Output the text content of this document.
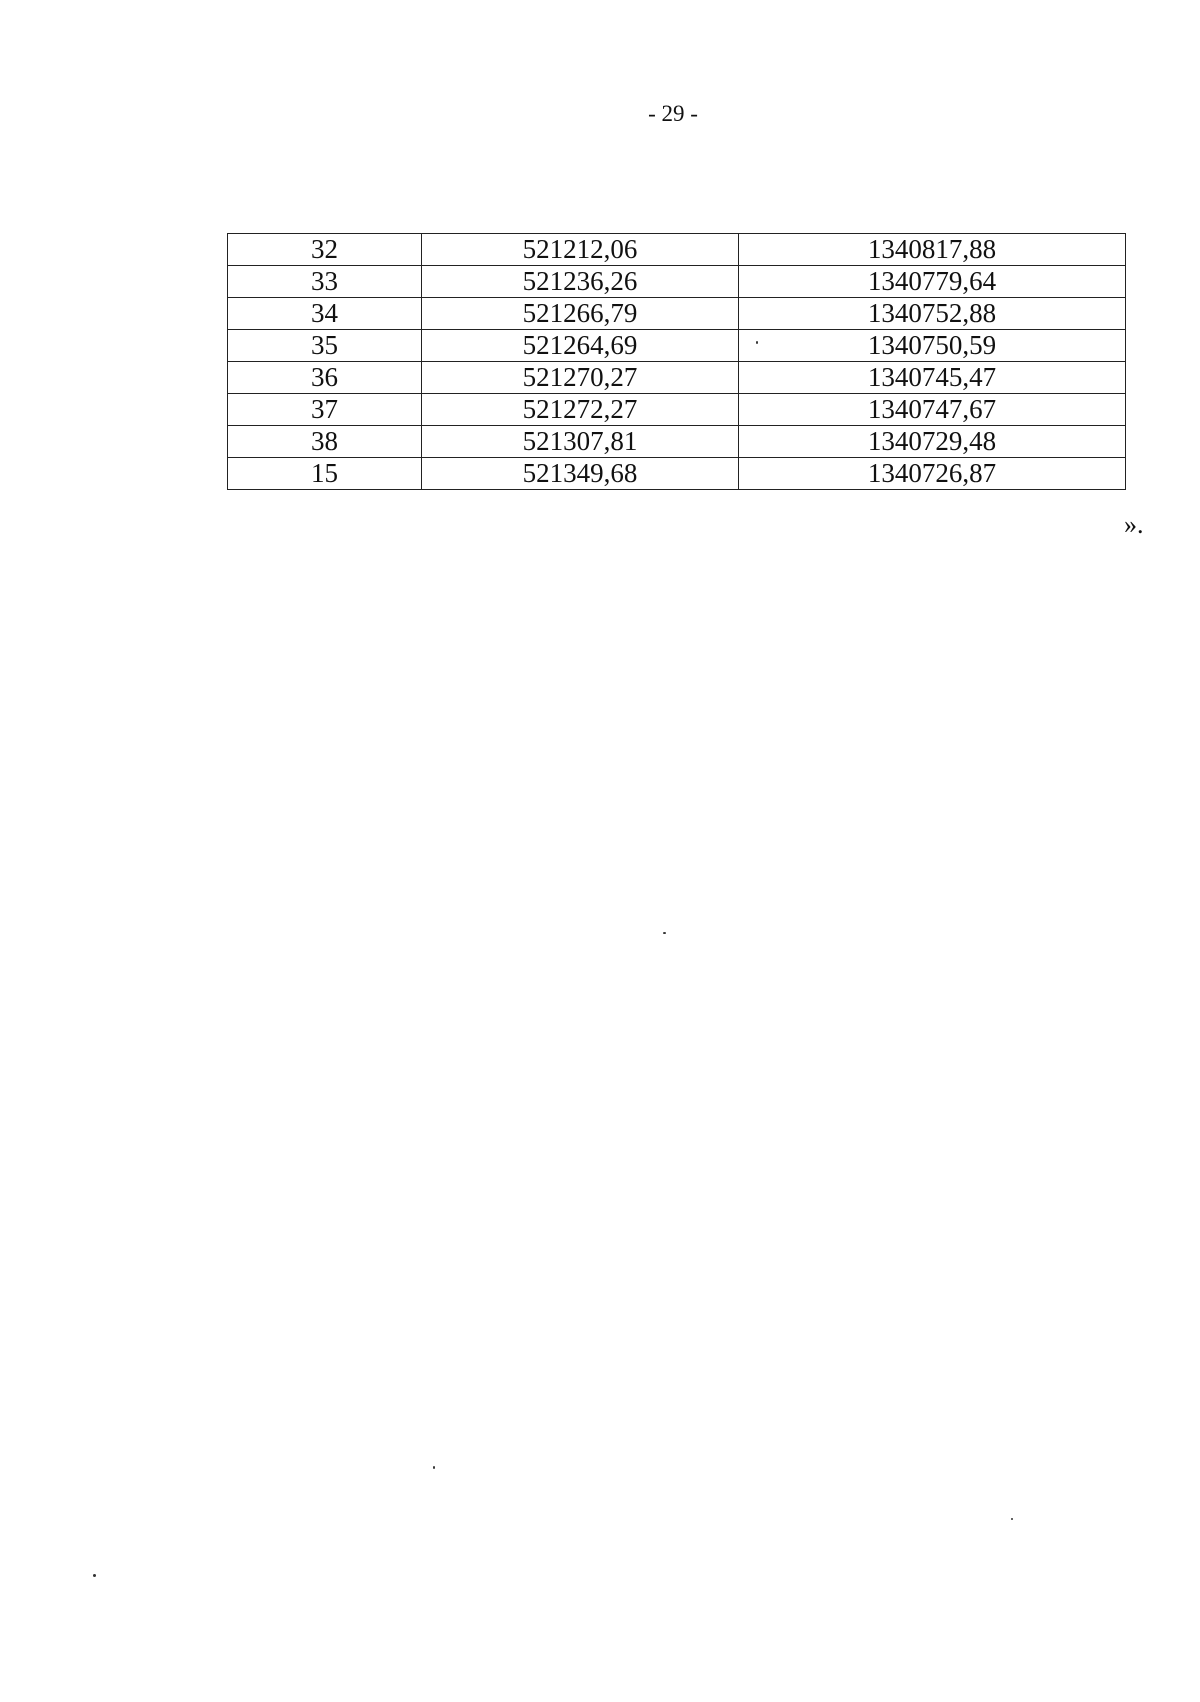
- 29 -
32	521212,06	1340817,88
33	521236,26	1340779,64
34	521266,79	1340752,88
35	521264,69	1340750,59
36	521270,27	1340745,47
37	521272,27	1340747,67
38	521307,81	1340729,48
15	521349,68	1340726,87
».
